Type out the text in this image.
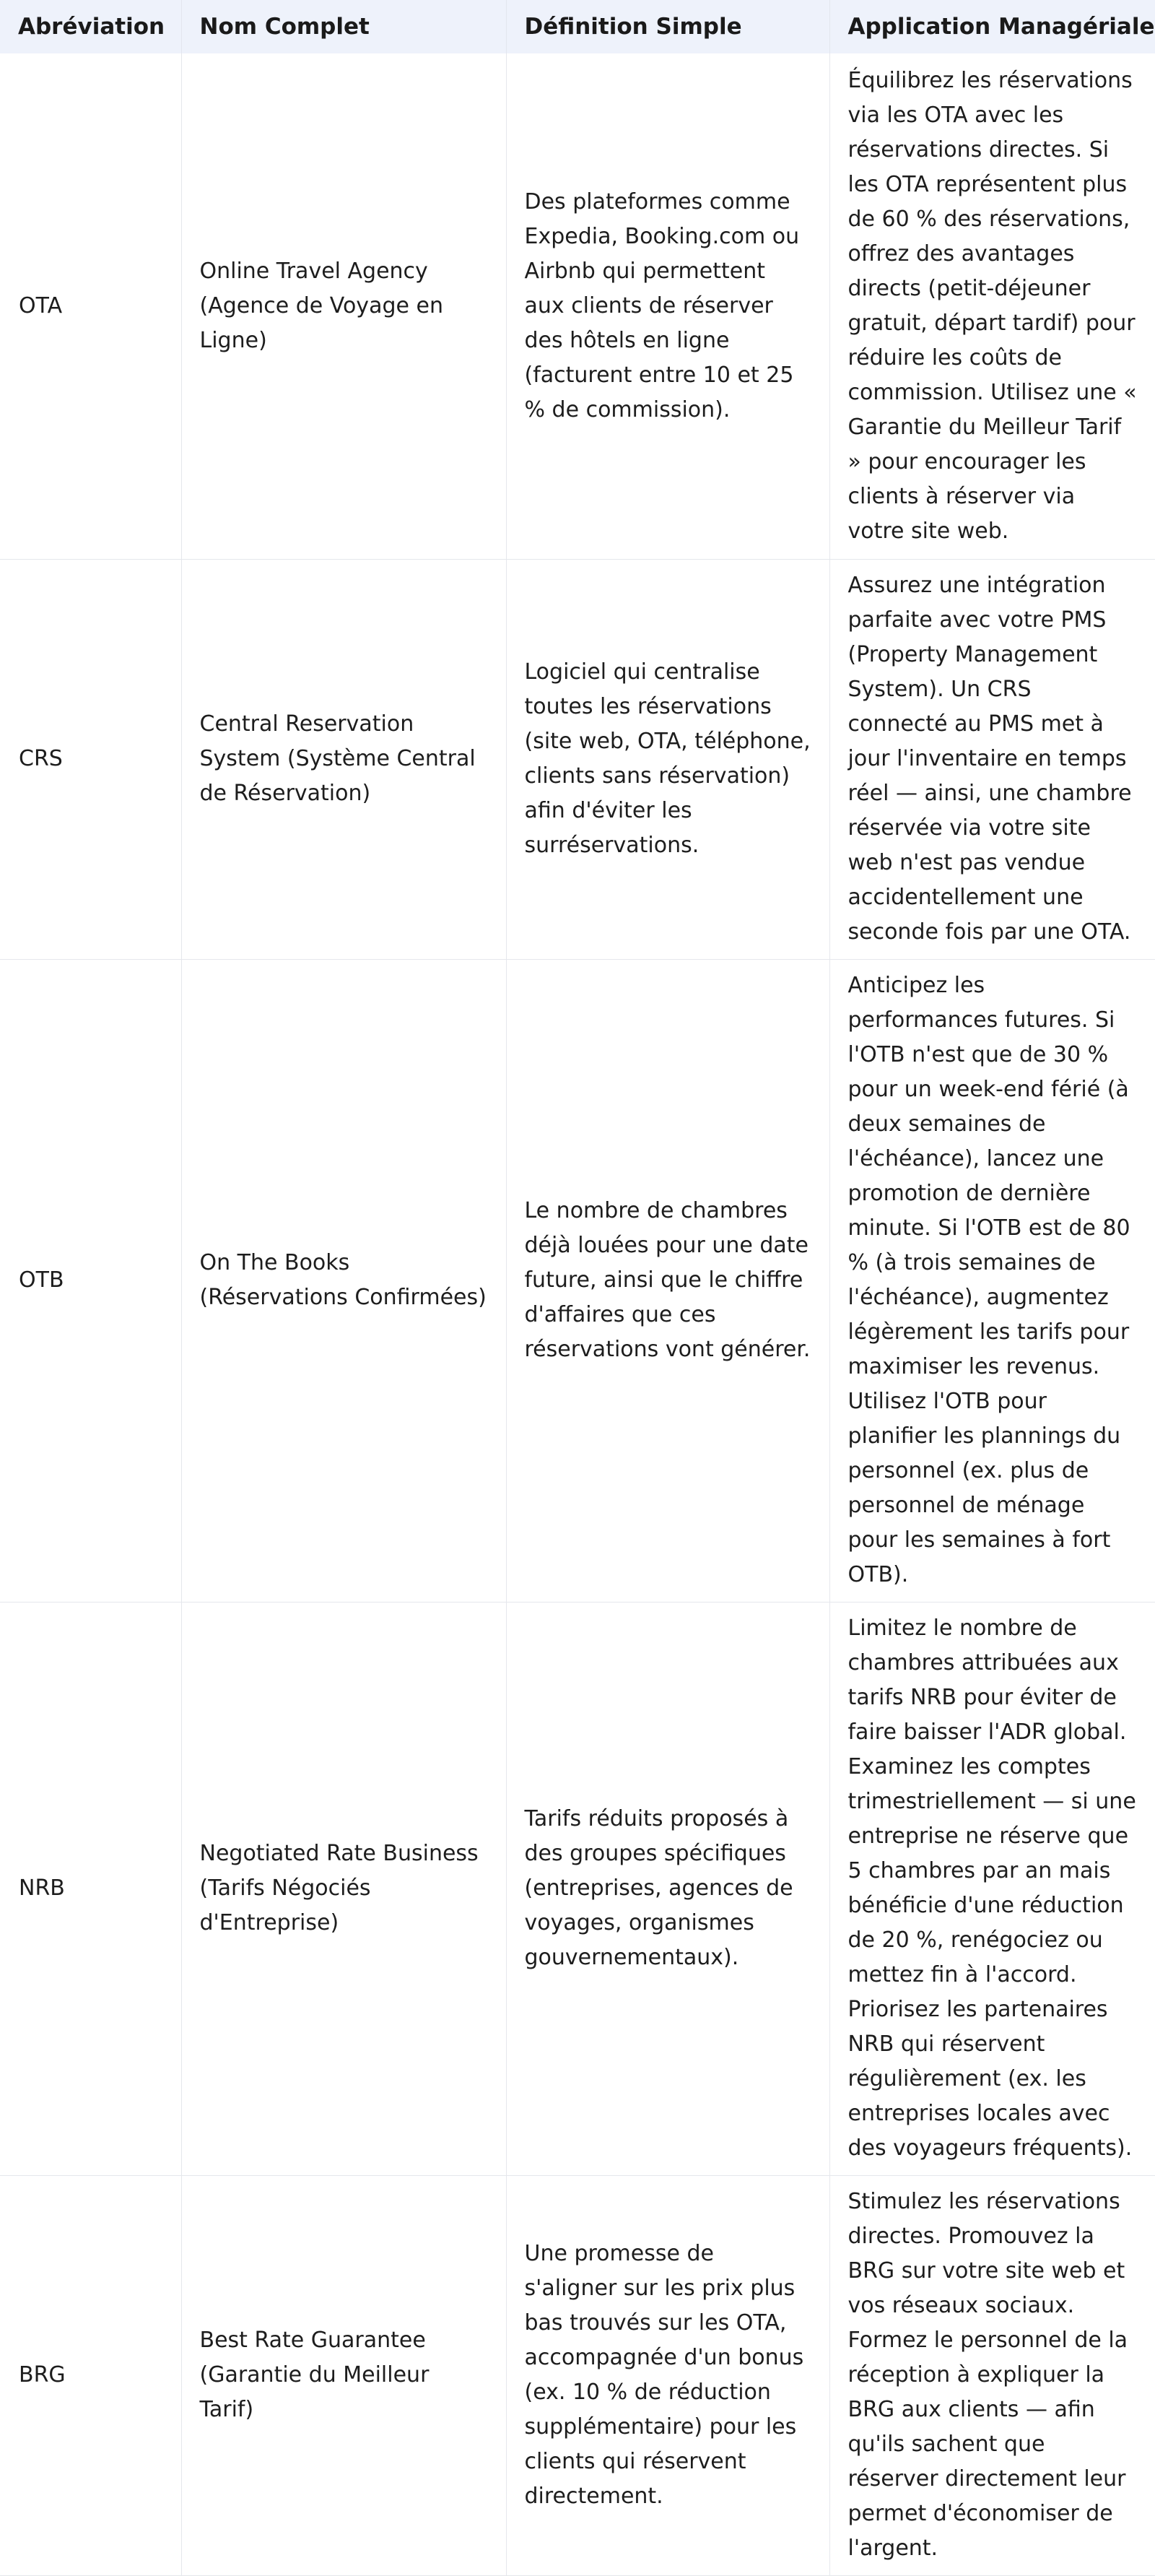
Abréviation	Nom Complet	Définition Simple	Application Managériale
OTA	Online Travel Agency (Agence de Voyage en Ligne)	Des plateformes comme Expedia, Booking.com ou Airbnb qui permettent aux clients de réserver des hôtels en ligne (facturent entre 10 et 25 % de commission).	Équilibrez les réservations via les OTA avec les réservations directes. Si les OTA représentent plus de 60 % des réservations, offrez des avantages directs (petit-déjeuner gratuit, départ tardif) pour réduire les coûts de commission. Utilisez une « Garantie du Meilleur Tarif » pour encourager les clients à réserver via votre site web.
CRS	Central Reservation System (Système Central de Réservation)	Logiciel qui centralise toutes les réservations (site web, OTA, téléphone, clients sans réservation) afin d'éviter les surréservations.	Assurez une intégration parfaite avec votre PMS (Property Management System). Un CRS connecté au PMS met à jour l'inventaire en temps réel — ainsi, une chambre réservée via votre site web n'est pas vendue accidentellement une seconde fois par une OTA.
OTB	On The Books (Réservations Confirmées)	Le nombre de chambres déjà louées pour une date future, ainsi que le chiffre d'affaires que ces réservations vont générer.	Anticipez les performances futures. Si l'OTB n'est que de 30 % pour un week-end férié (à deux semaines de l'échéance), lancez une promotion de dernière minute. Si l'OTB est de 80 % (à trois semaines de l'échéance), augmentez légèrement les tarifs pour maximiser les revenus. Utilisez l'OTB pour planifier les plannings du personnel (ex. plus de personnel de ménage pour les semaines à fort OTB).
NRB	Negotiated Rate Business (Tarifs Négociés d'Entreprise)	Tarifs réduits proposés à des groupes spécifiques (entreprises, agences de voyages, organismes gouvernementaux).	Limitez le nombre de chambres attribuées aux tarifs NRB pour éviter de faire baisser l'ADR global. Examinez les comptes trimestriellement — si une entreprise ne réserve que 5 chambres par an mais bénéficie d'une réduction de 20 %, renégociez ou mettez fin à l'accord. Priorisez les partenaires NRB qui réservent régulièrement (ex. les entreprises locales avec des voyageurs fréquents).
BRG	Best Rate Guarantee (Garantie du Meilleur Tarif)	Une promesse de s'aligner sur les prix plus bas trouvés sur les OTA, accompagnée d'un bonus (ex. 10 % de réduction supplémentaire) pour les clients qui réservent directement.	Stimulez les réservations directes. Promouvez la BRG sur votre site web et vos réseaux sociaux. Formez le personnel de la réception à expliquer la BRG aux clients — afin qu'ils sachent que réserver directement leur permet d'économiser de l'argent.
